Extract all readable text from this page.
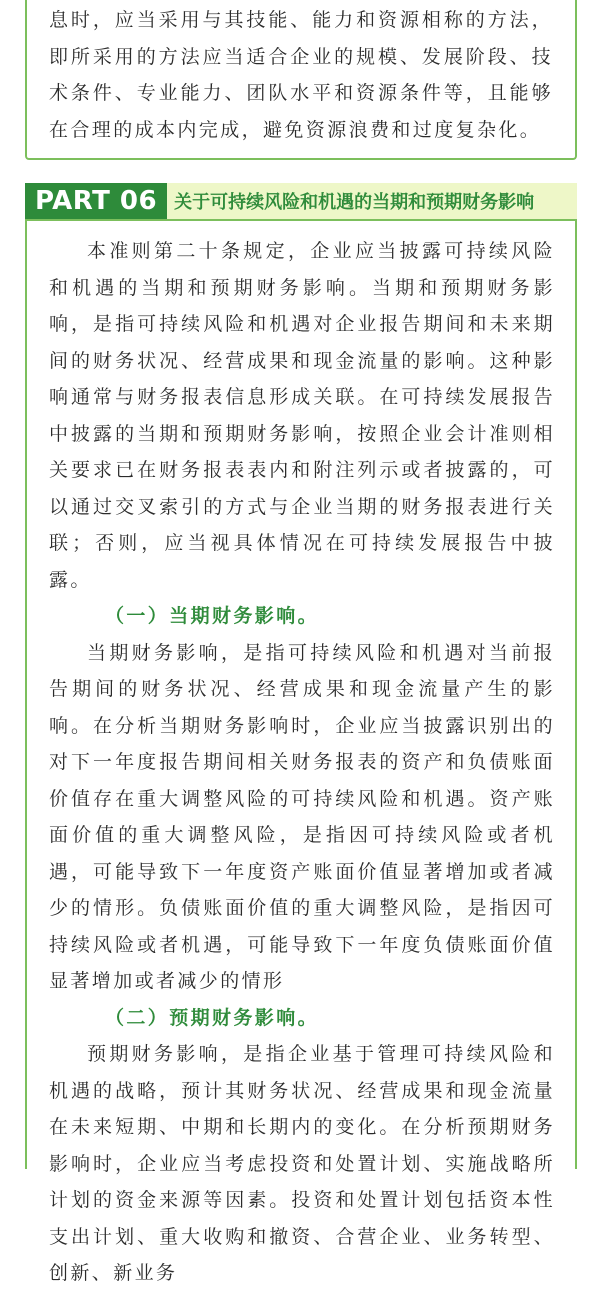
息时，应当采用与其技能、能力和资源相称的方法，即所采用的方法应当适合企业的规模、发展阶段、技术条件、专业能力、团队水平和资源条件等，且能够在合理的成本内完成，避免资源浪费和过度复杂化。

PART 06 关于可持续风险和机遇的当期和预期财务影响

本准则第二十条规定，企业应当披露可持续风险和机遇的当期和预期财务影响。当期和预期财务影响，是指可持续风险和机遇对企业报告期间和未来期间的财务状况、经营成果和现金流量的影响。这种影响通常与财务报表信息形成关联。在可持续发展报告中披露的当期和预期财务影响，按照企业会计准则相关要求已在财务报表表内和附注列示或者披露的，可以通过交叉索引的方式与企业当期的财务报表进行关联；否则，应当视具体情况在可持续发展报告中披露。

（一）当期财务影响。

当期财务影响，是指可持续风险和机遇对当前报告期间的财务状况、经营成果和现金流量产生的影响。在分析当期财务影响时，企业应当披露识别出的对下一年度报告期间相关财务报表的资产和负债账面价值存在重大调整风险的可持续风险和机遇。资产账面价值的重大调整风险，是指因可持续风险或者机遇，可能导致下一年度资产账面价值显著增加或者减少的情形。负债账面价值的重大调整风险，是指因可持续风险或者机遇，可能导致下一年度负债账面价值显著增加或者减少的情形

（二）预期财务影响。

预期财务影响，是指企业基于管理可持续风险和机遇的战略，预计其财务状况、经营成果和现金流量在未来短期、中期和长期内的变化。在分析预期财务影响时，企业应当考虑投资和处置计划、实施战略所计划的资金来源等因素。投资和处置计划包括资本性支出计划、重大收购和撤资、合营企业、业务转型、创新、新业务
